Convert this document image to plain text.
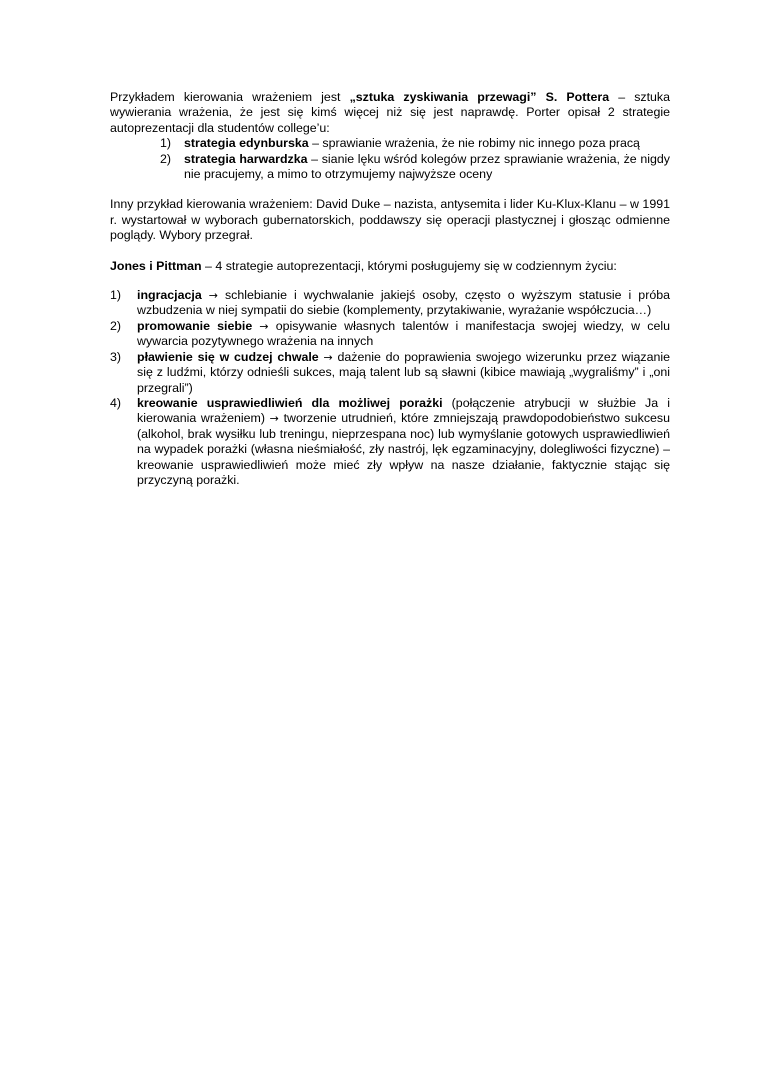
Przykładem kierowania wrażeniem jest „sztuka zyskiwania przewagi” S. Pottera – sztuka wywierania wrażenia, że jest się kimś więcej niż się jest naprawdę. Porter opisał 2 strategie autoprezentacji dla studentów college’u:

1) strategia edynburska – sprawianie wrażenia, że nie robimy nic innego poza pracą
2) strategia harwardzka – sianie lęku wśród kolegów przez sprawianie wrażenia, że nigdy nie pracujemy, a mimo to otrzymujemy najwyższe oceny

Inny przykład kierowania wrażeniem: David Duke – nazista, antysemita i lider Ku-Klux-Klanu – w 1991 r. wystartował w wyborach gubernatorskich, poddawszy się operacji plastycznej i głosząc odmienne poglądy. Wybory przegrał.

Jones i Pittman – 4 strategie autoprezentacji, którymi posługujemy się w codziennym życiu:

1) ingracjacja → schlebianie i wychwalanie jakiejś osoby, często o wyższym statusie i próba wzbudzenia w niej sympatii do siebie (komplementy, przytakiwanie, wyrażanie współczucia…)
2) promowanie siebie → opisywanie własnych talentów i manifestacja swojej wiedzy, w celu wywarcia pozytywnego wrażenia na innych
3) pławienie się w cudzej chwale → dażenie do poprawienia swojego wizerunku przez wiązanie się z ludźmi, którzy odnieśli sukces, mają talent lub są sławni (kibice mawiają „wygraliśmy” i „oni przegrali”)
4) kreowanie usprawiedliwień dla możliwej porażki (połączenie atrybucji w służbie Ja i kierowania wrażeniem) → tworzenie utrudnień, które zmniejszają prawdopodobieństwo sukcesu (alkohol, brak wysiłku lub treningu, nieprzespana noc) lub wymyślanie gotowych usprawiedliwień na wypadek porażki (własna nieśmiałość, zły nastrój, lęk egzaminacyjny, dolegliwości fizyczne) – kreowanie usprawiedliwień może mieć zły wpływ na nasze działanie, faktycznie stając się przyczyną porażki.
